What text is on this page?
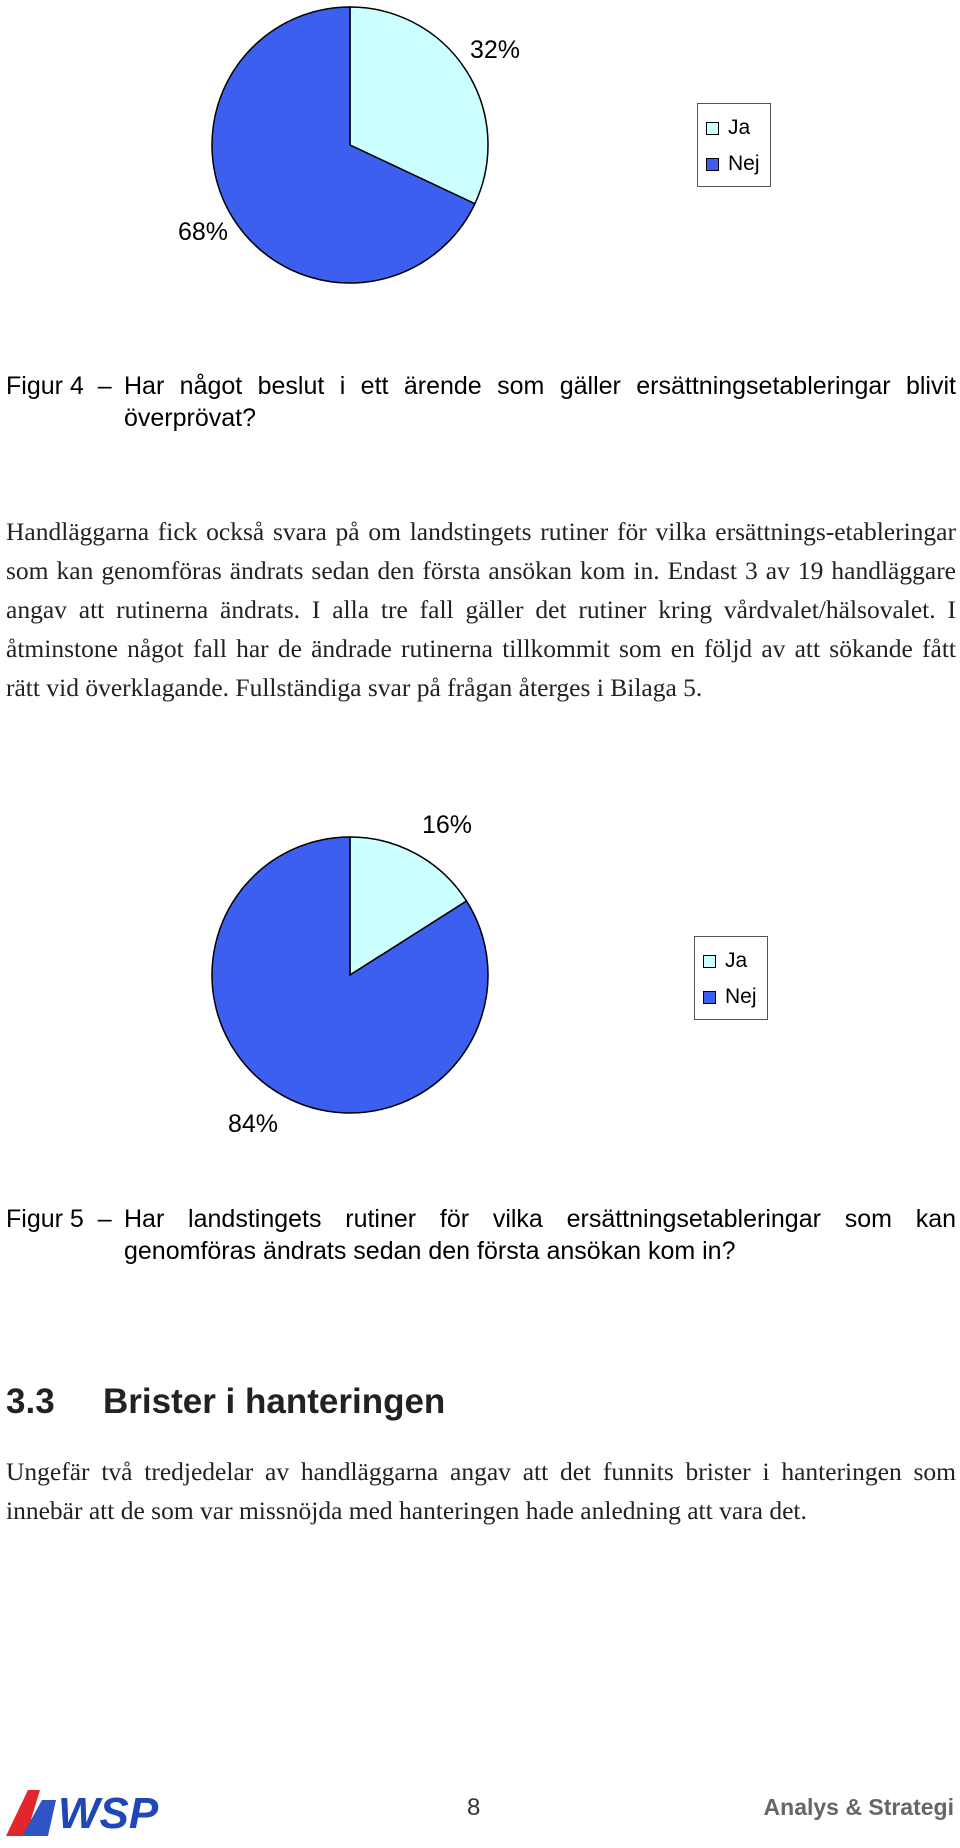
32%
68%
Ja
Nej
Figur 4  – Har något beslut i ett ärende som gäller ersättningsetableringar blivit överprövat?
Handläggarna fick också svara på om landstingets rutiner för vilka ersättnings-etableringar som kan genomföras ändrats sedan den första ansökan kom in. Endast 3 av 19 handläggare angav att rutinerna ändrats. I alla tre fall gäller det rutiner kring vårdvalet/hälsovalet. I åtminstone något fall har de ändrade rutinerna tillkommit som en följd av att sökande fått rätt vid överklagande. Fullständiga svar på frågan återges i Bilaga 5.
16%
84%
Ja
Nej
Figur 5  – Har landstingets rutiner för vilka ersättningsetableringar som kan genomföras ändrats sedan den första ansökan kom in?
3.3 Brister i hanteringen
Ungefär två tredjedelar av handläggarna angav att det funnits brister i hanteringen som innebär att de som var missnöjda med hanteringen hade anledning att vara det.
WSP	8	Analys & Strategi
